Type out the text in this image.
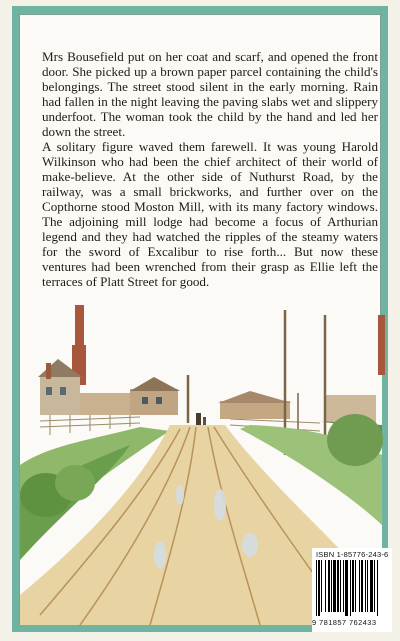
Mrs Bousefield put on her coat and scarf, and opened the front door. She picked up a brown paper parcel containing the child's belongings. The street stood silent in the early morning. Rain had fallen in the night leaving the paving slabs wet and slippery underfoot. The woman took the child by the hand and led her down the street.

A solitary figure waved them farewell. It was young Harold Wilkinson who had been the chief architect of their world of make-believe. At the other side of Nuthurst Road, by the railway, was a small brickworks, and further over on the Copthorne stood Moston Mill, with its many factory windows. The adjoining mill lodge had become a focus of Arthurian legend and they had watched the ripples of the steamy waters for the sword of Excalibur to rise forth... But now these ventures had been wrenched from their grasp as Ellie left the terraces of Platt Street for good.

ISBN 1-85776-243-6
9 781857 762433
